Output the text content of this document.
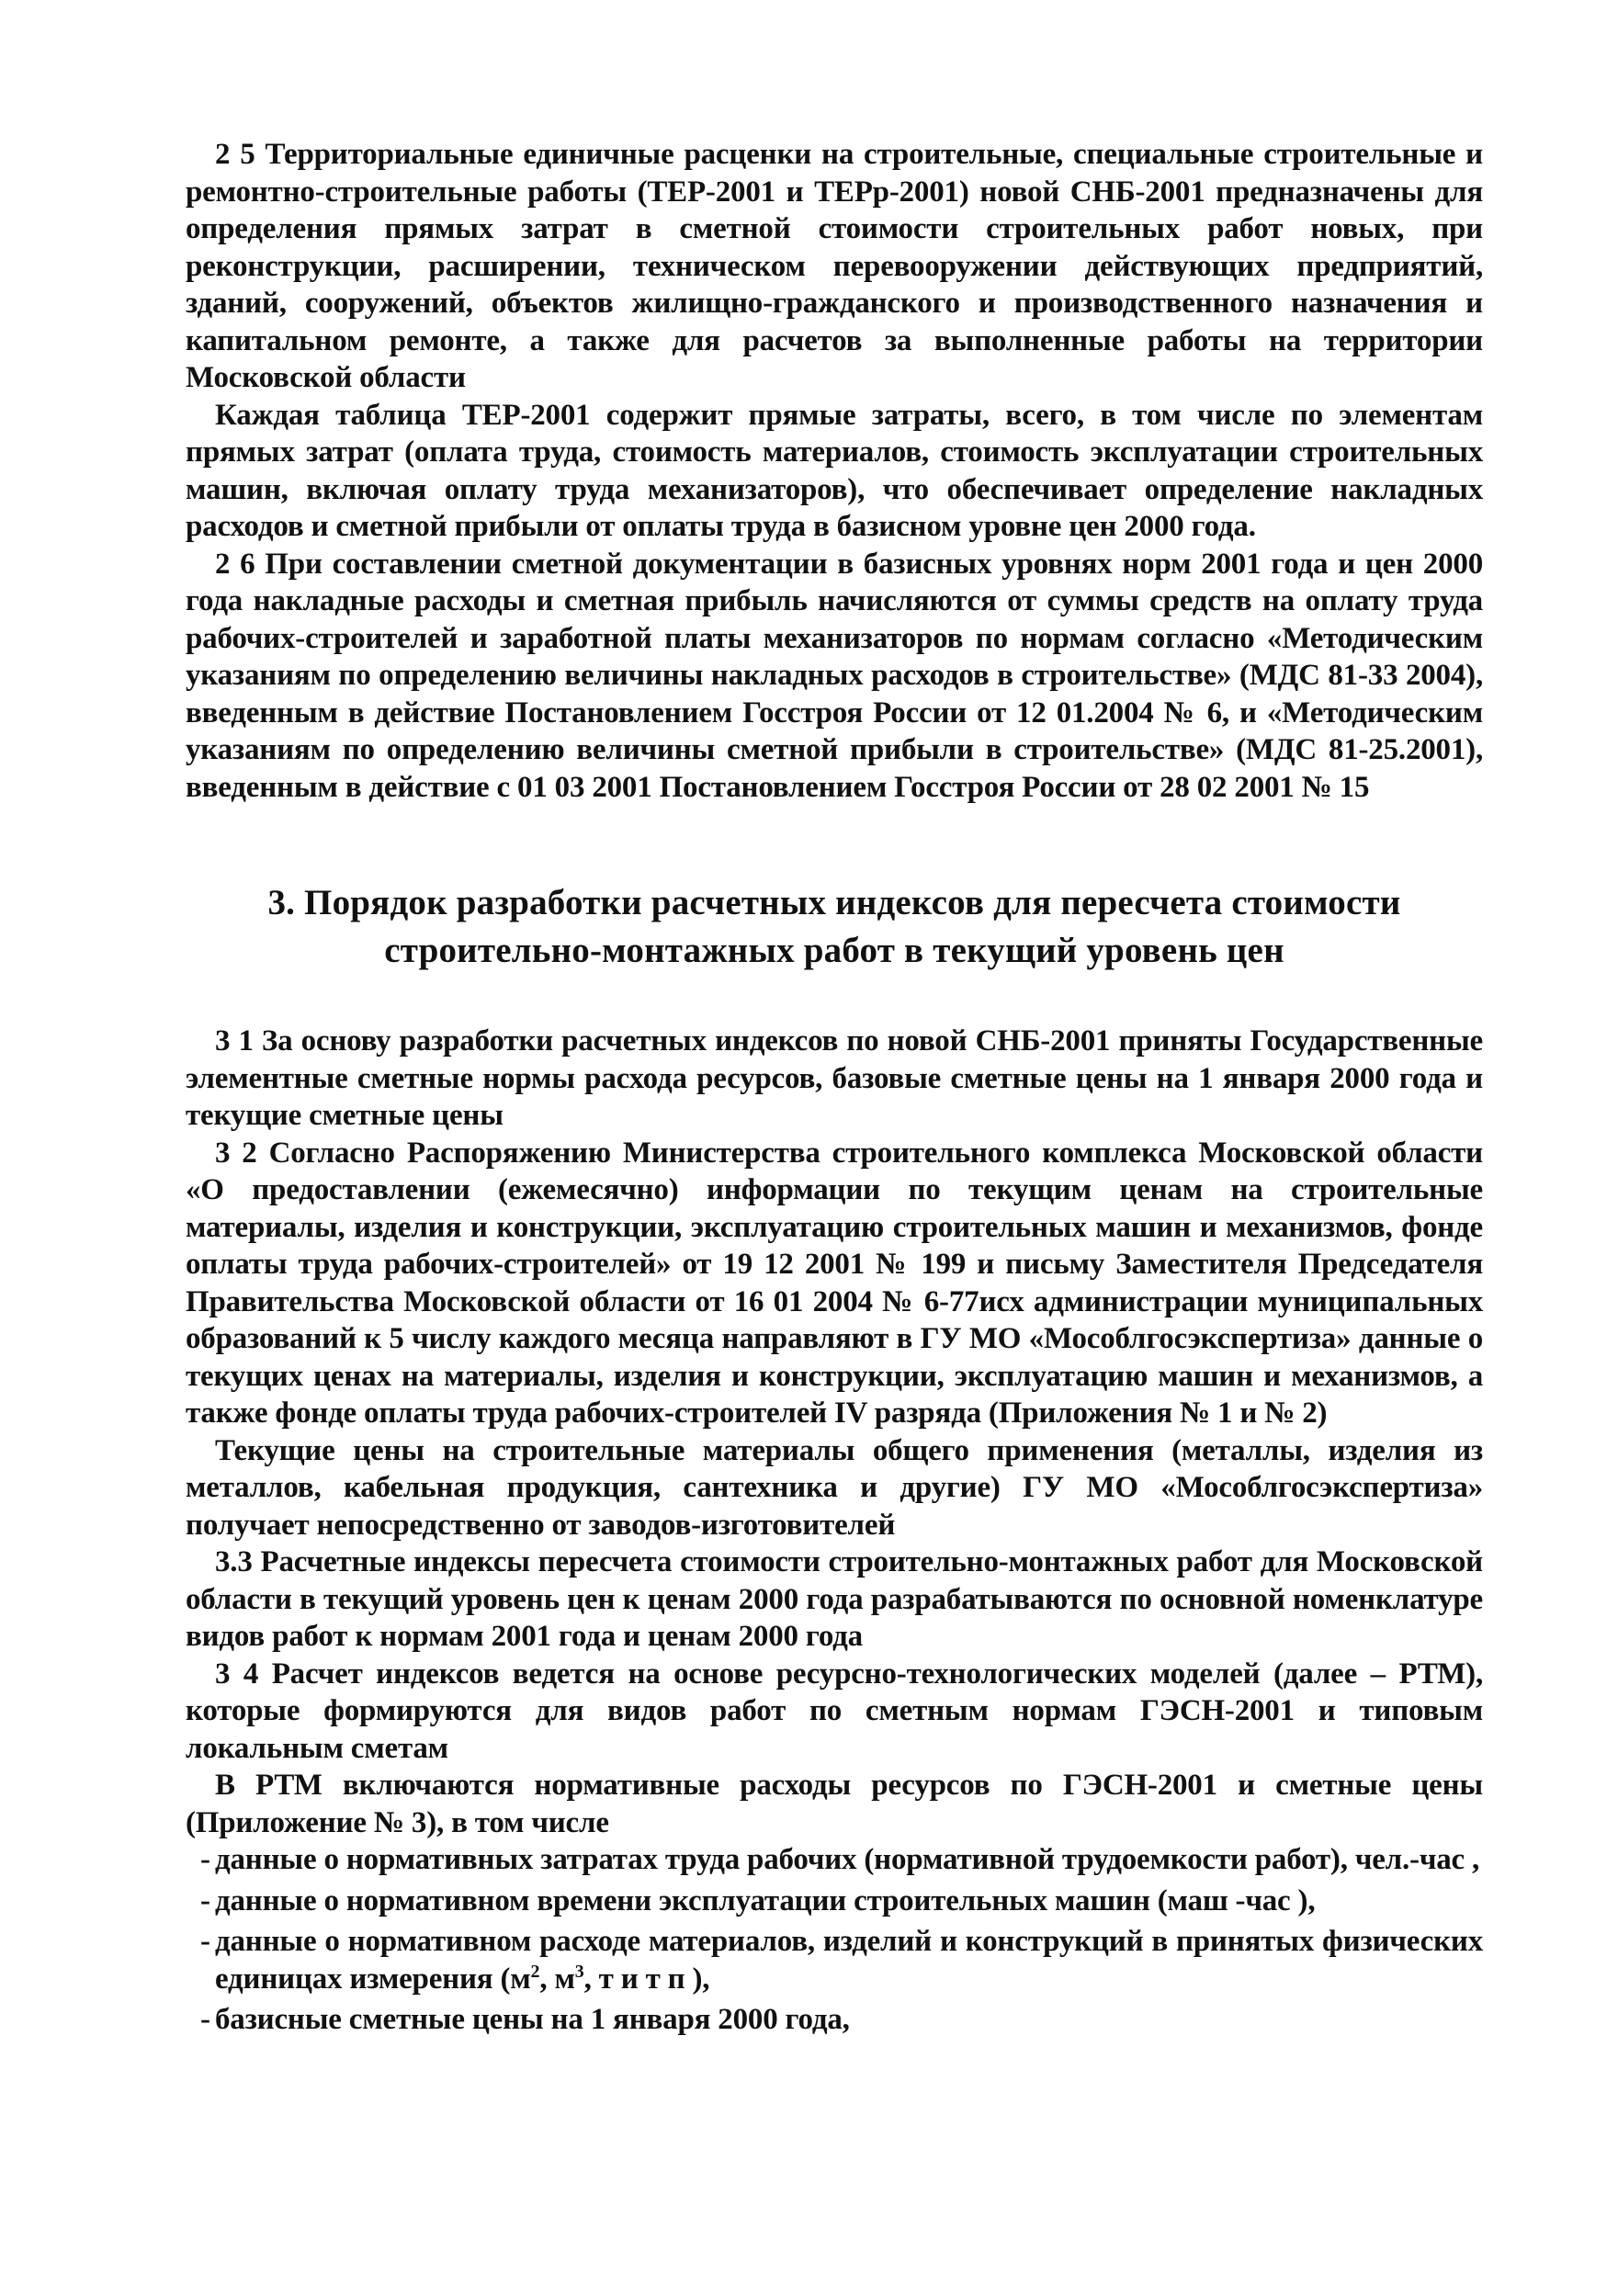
2 5 Территориальные единичные расценки на строительные, специальные строительные и ремонтно-строительные работы (ТЕР-2001 и ТЕРр-2001) новой СНБ-2001 предназначены для определения прямых затрат в сметной стоимости строительных работ новых, при реконструкции, расширении, техническом перевооружении действующих предприятий, зданий, сооружений, объектов жилищно-гражданского и производственного назначения и капитальном ремонте, а также для расчетов за выполненные работы на территории Московской области

Каждая таблица ТЕР-2001 содержит прямые затраты, всего, в том числе по элементам прямых затрат (оплата труда, стоимость материалов, стоимость эксплуатации строительных машин, включая оплату труда механизаторов), что обеспечивает определение накладных расходов и сметной прибыли от оплаты труда в базисном уровне цен 2000 года.

2 6 При составлении сметной документации в базисных уровнях норм 2001 года и цен 2000 года накладные расходы и сметная прибыль начисляются от суммы средств на оплату труда рабочих-строителей и заработной платы механизаторов по нормам согласно «Методическим указаниям по определению величины накладных расходов в строительстве» (МДС 81-33 2004), введенным в действие Постановлением Госстроя России от 12 01.2004 № 6, и «Методическим указаниям по определению величины сметной прибыли в строительстве» (МДС 81-25.2001), введенным в действие с 01 03 2001 Постановлением Госстроя России от 28 02 2001 № 15

3. Порядок разработки расчетных индексов для пересчета стоимости
строительно-монтажных работ в текущий уровень цен

3 1 За основу разработки расчетных индексов по новой СНБ-2001 приняты Государственные элементные сметные нормы расхода ресурсов, базовые сметные цены на 1 января 2000 года и текущие сметные цены

3 2 Согласно Распоряжению Министерства строительного комплекса Московской области «О предоставлении (ежемесячно) информации по текущим ценам на строительные материалы, изделия и конструкции, эксплуатацию строительных машин и механизмов, фонде оплаты труда рабочих-строителей» от 19 12 2001 № 199 и письму Заместителя Председателя Правительства Московской области от 16 01 2004 № 6-77исх администрации муниципальных образований к 5 числу каждого месяца направляют в ГУ МО «Мособлгосэкспертиза» данные о текущих ценах на материалы, изделия и конструкции, эксплуатацию машин и механизмов, а также фонде оплаты труда рабочих-строителей IV разряда (Приложения № 1 и № 2)

Текущие цены на строительные материалы общего применения (металлы, изделия из металлов, кабельная продукция, сантехника и другие) ГУ МО «Мособлгосэкспертиза» получает непосредственно от заводов-изготовителей

3.3 Расчетные индексы пересчета стоимости строительно-монтажных работ для Московской области в текущий уровень цен к ценам 2000 года разрабатываются по основной номенклатуре видов работ к нормам 2001 года и ценам 2000 года

3 4 Расчет индексов ведется на основе ресурсно-технологических моделей (далее – РТМ), которые формируются для видов работ по сметным нормам ГЭСН-2001 и типовым локальным сметам

В РТМ включаются нормативные расходы ресурсов по ГЭСН-2001 и сметные цены (Приложение № 3), в том числе

- данные о нормативных затратах труда рабочих (нормативной трудоемкости работ), чел.-час ,
- данные о нормативном времени эксплуатации строительных машин (маш -час ),
- данные о нормативном расходе материалов, изделий и конструкций в принятых физических единицах измерения ($м^2$, $м^3$, т и т п ),
- базисные сметные цены на 1 января 2000 года,
